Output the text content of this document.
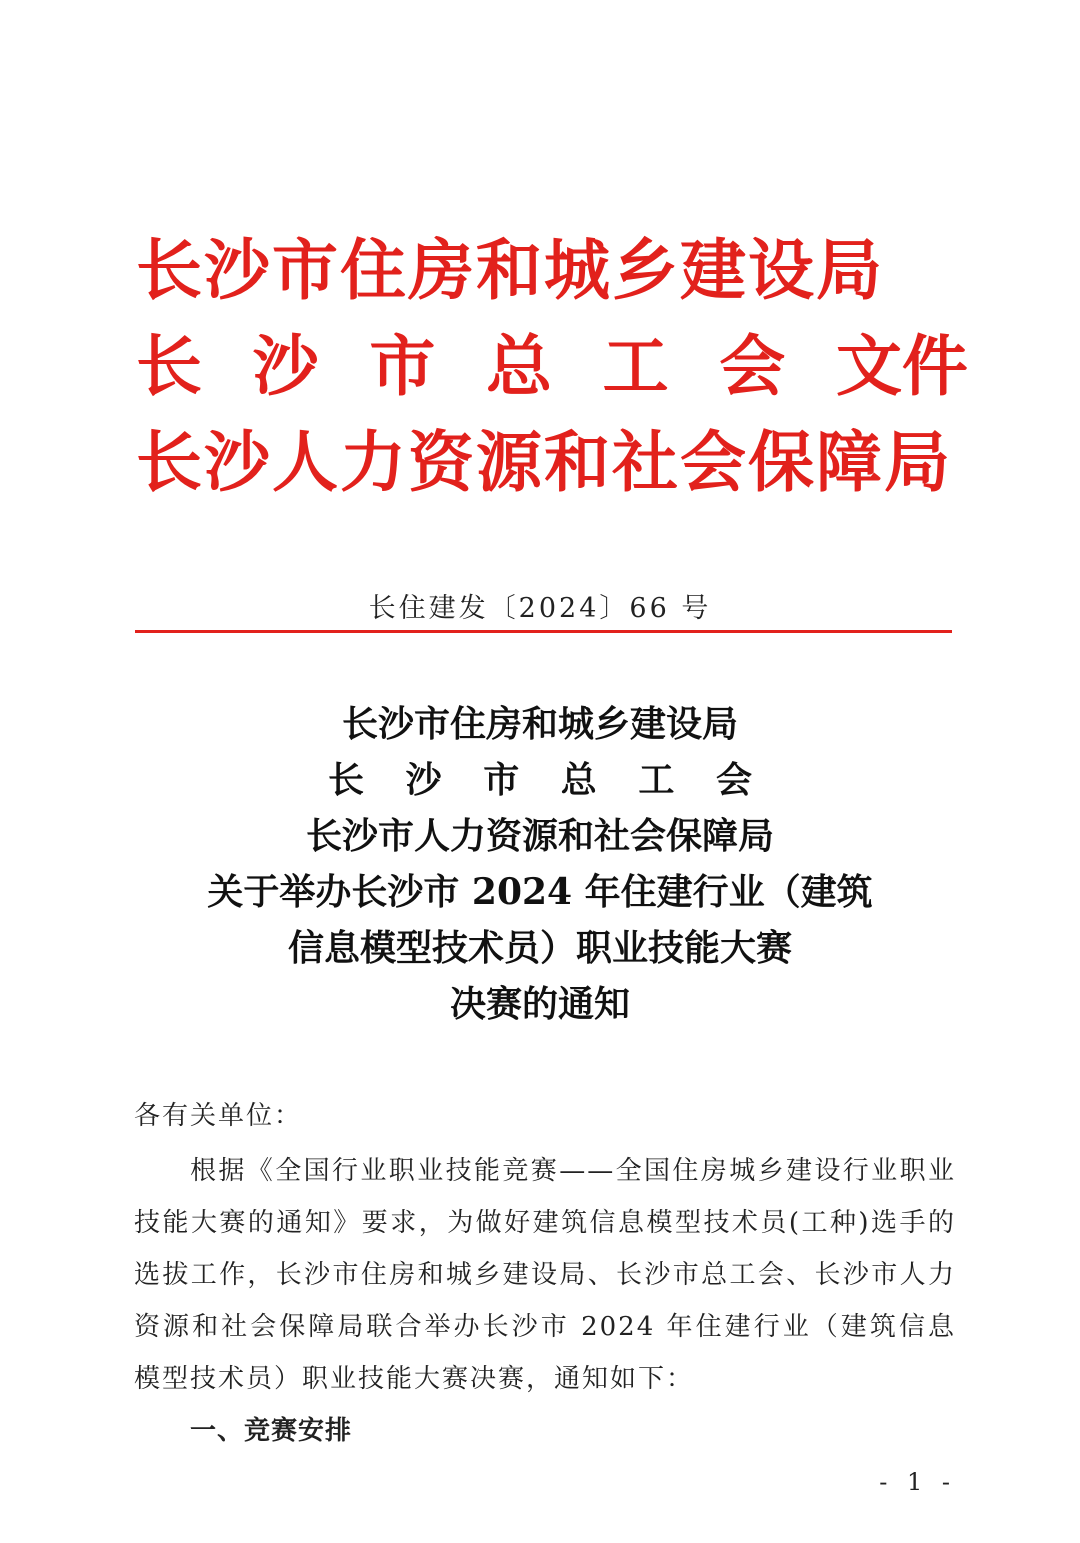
长沙市住房和城乡建设局
长 沙 市 总 工 会 文件
长沙人力资源和社会保障局
长住建发〔2024〕66 号
长沙市住房和城乡建设局
长 沙 市 总 工 会
长沙市人力资源和社会保障局
关于举办长沙市 2024 年住建行业（建筑
信息模型技术员）职业技能大赛
决赛的通知

各有关单位：

根据《全国行业职业技能竞赛——全国住房城乡建设行业职业技能大赛的通知》要求，为做好建筑信息模型技术员(工种)选手的选拔工作，长沙市住房和城乡建设局、长沙市总工会、长沙市人力资源和社会保障局联合举办长沙市 2024 年住建行业（建筑信息模型技术员）职业技能大赛决赛，通知如下：

一、竞赛安排

- 1 -
